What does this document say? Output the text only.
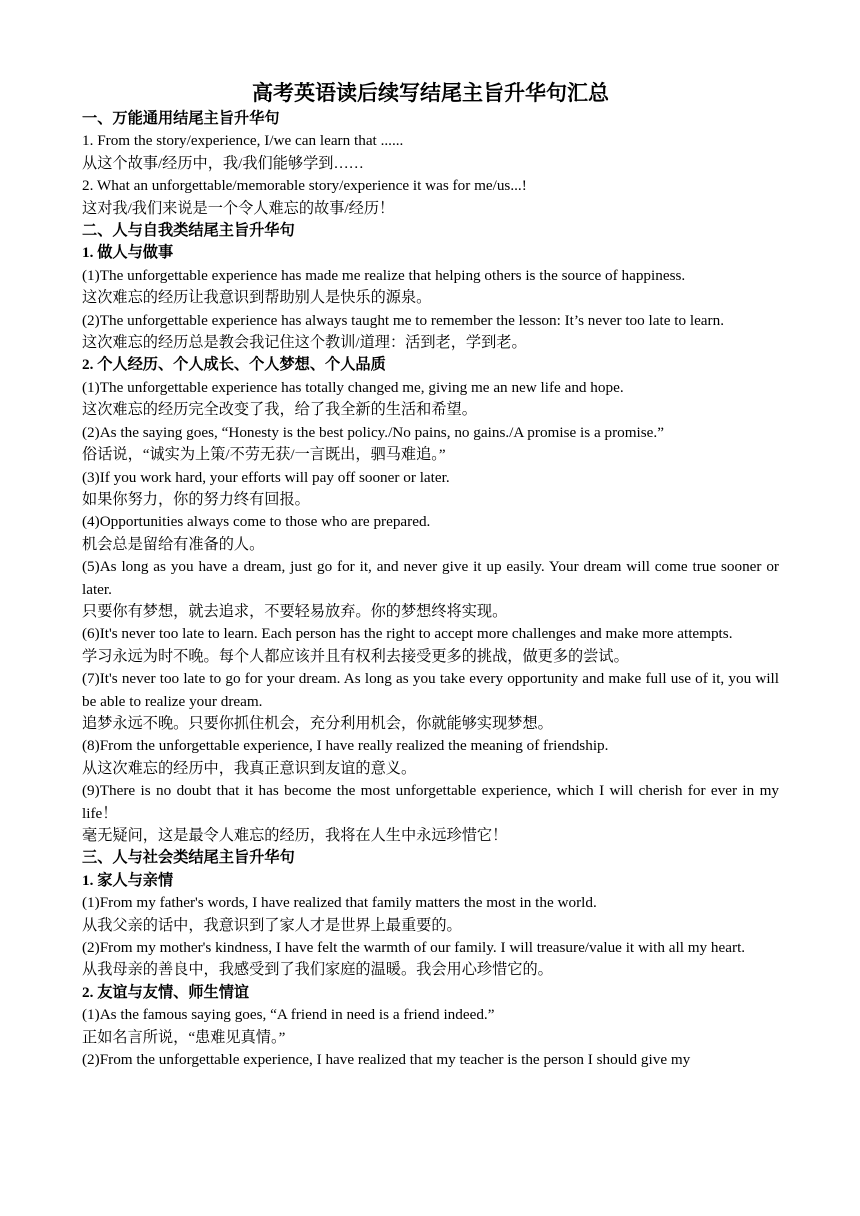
高考英语读后续写结尾主旨升华句汇总
一、万能通用结尾主旨升华句
1. From the story/experience, I/we can learn that ......
从这个故事/经历中，我/我们能够学到……
2. What an unforgettable/memorable story/experience it was for me/us...!
这对我/我们来说是一个令人难忘的故事/经历！
二、人与自我类结尾主旨升华句
1. 做人与做事
(1)The unforgettable experience has made me realize that helping others is the source of happiness.
这次难忘的经历让我意识到帮助别人是快乐的源泉。
(2)The unforgettable experience has always taught me to remember the lesson: It’s never too late to learn.
这次难忘的经历总是教会我记住这个教训/道理：活到老，学到老。
2. 个人经历、个人成长、个人梦想、个人品质
(1)The unforgettable experience has totally changed me, giving me an new life and hope.
这次难忘的经历完全改变了我，给了我全新的生活和希望。
(2)As the saying goes, “Honesty is the best policy./No pains, no gains./A promise is a promise.”
俗话说，“诚实为上策/不劳无获/一言既出，驷马难追。”
(3)If you work hard, your efforts will pay off sooner or later.
如果你努力，你的努力终有回报。
(4)Opportunities always come to those who are prepared.
机会总是留给有准备的人。
(5)As long as you have a dream, just go for it, and never give it up easily. Your dream will come true sooner or later.
只要你有梦想，就去追求，不要轻易放弃。你的梦想终将实现。
(6)It's never too late to learn. Each person has the right to accept more challenges and make more attempts.
学习永远为时不晚。每个人都应该并且有权利去接受更多的挑战，做更多的尝试。
(7)It's never too late to go for your dream. As long as you take every opportunity and make full use of it, you will be able to realize your dream.
追梦永远不晚。只要你抓住机会，充分利用机会，你就能够实现梦想。
(8)From the unforgettable experience, I have really realized the meaning of friendship.
从这次难忘的经历中，我真正意识到友谊的意义。
(9)There is no doubt that it has become the most unforgettable experience, which I will cherish for ever in my life！
毫无疑问，这是最令人难忘的经历，我将在人生中永远珍惜它！
三、人与社会类结尾主旨升华句
1. 家人与亲情
(1)From my father's words, I have realized that family matters the most in the world.
从我父亲的话中，我意识到了家人才是世界上最重要的。
(2)From my mother's kindness, I have felt the warmth of our family. I will treasure/value it with all my heart.
从我母亲的善良中，我感受到了我们家庭的温暖。我会用心珍惜它的。
2. 友谊与友情、师生情谊
(1)As the famous saying goes, “A friend in need is a friend indeed.”
正如名言所说，“患难见真情。”
(2)From the unforgettable experience, I have realized that my teacher is the person I should give my
